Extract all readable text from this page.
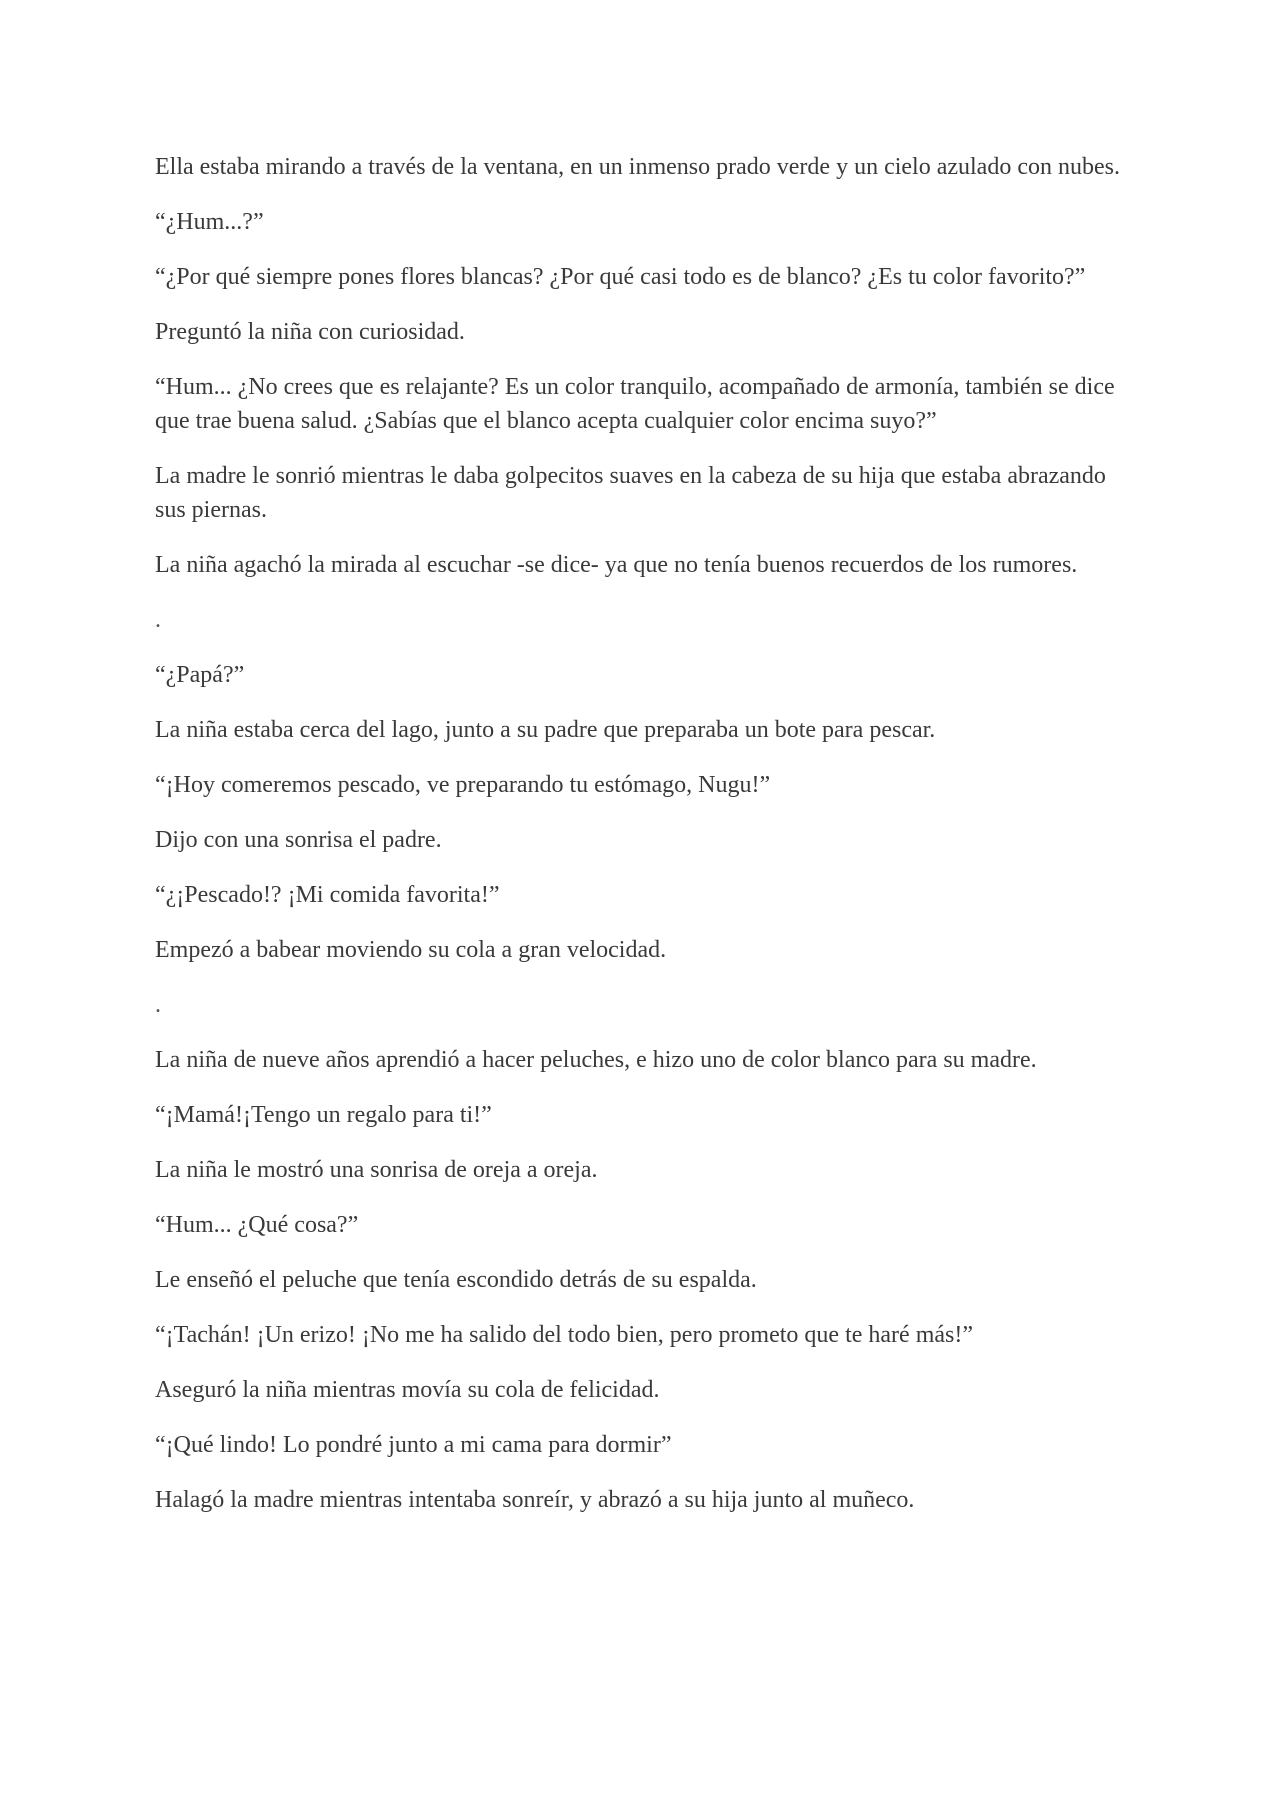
Ella estaba mirando a través de la ventana, en un inmenso prado verde y un cielo azulado con nubes.

“¿Hum...?”

“¿Por qué siempre pones flores blancas? ¿Por qué casi todo es de blanco? ¿Es tu color favorito?”

Preguntó la niña con curiosidad.

“Hum... ¿No crees que es relajante? Es un color tranquilo, acompañado de armonía, también se dice que trae buena salud. ¿Sabías que el blanco acepta cualquier color encima suyo?”

La madre le sonrió mientras le daba golpecitos suaves en la cabeza de su hija que estaba abrazando sus piernas.

La niña agachó la mirada al escuchar -se dice- ya que no tenía buenos recuerdos de los rumores.

.

“¿Papá?”

La niña estaba cerca del lago, junto a su padre que preparaba un bote para pescar.

“¡Hoy comeremos pescado, ve preparando tu estómago, Nugu!”

Dijo con una sonrisa el padre.

“¿¡Pescado!? ¡Mi comida favorita!”

Empezó a babear moviendo su cola a gran velocidad.

.

La niña de nueve años aprendió a hacer peluches, e hizo uno de color blanco para su madre.

“¡Mamá!¡Tengo un regalo para ti!”

La niña le mostró una sonrisa de oreja a oreja.

“Hum... ¿Qué cosa?”

Le enseñó el peluche que tenía escondido detrás de su espalda.

“¡Tachán! ¡Un erizo! ¡No me ha salido del todo bien, pero prometo que te haré más!”

Aseguró la niña mientras movía su cola de felicidad.

“¡Qué lindo! Lo pondré junto a mi cama para dormir”

Halagó la madre mientras intentaba sonreír, y abrazó a su hija junto al muñeco.
